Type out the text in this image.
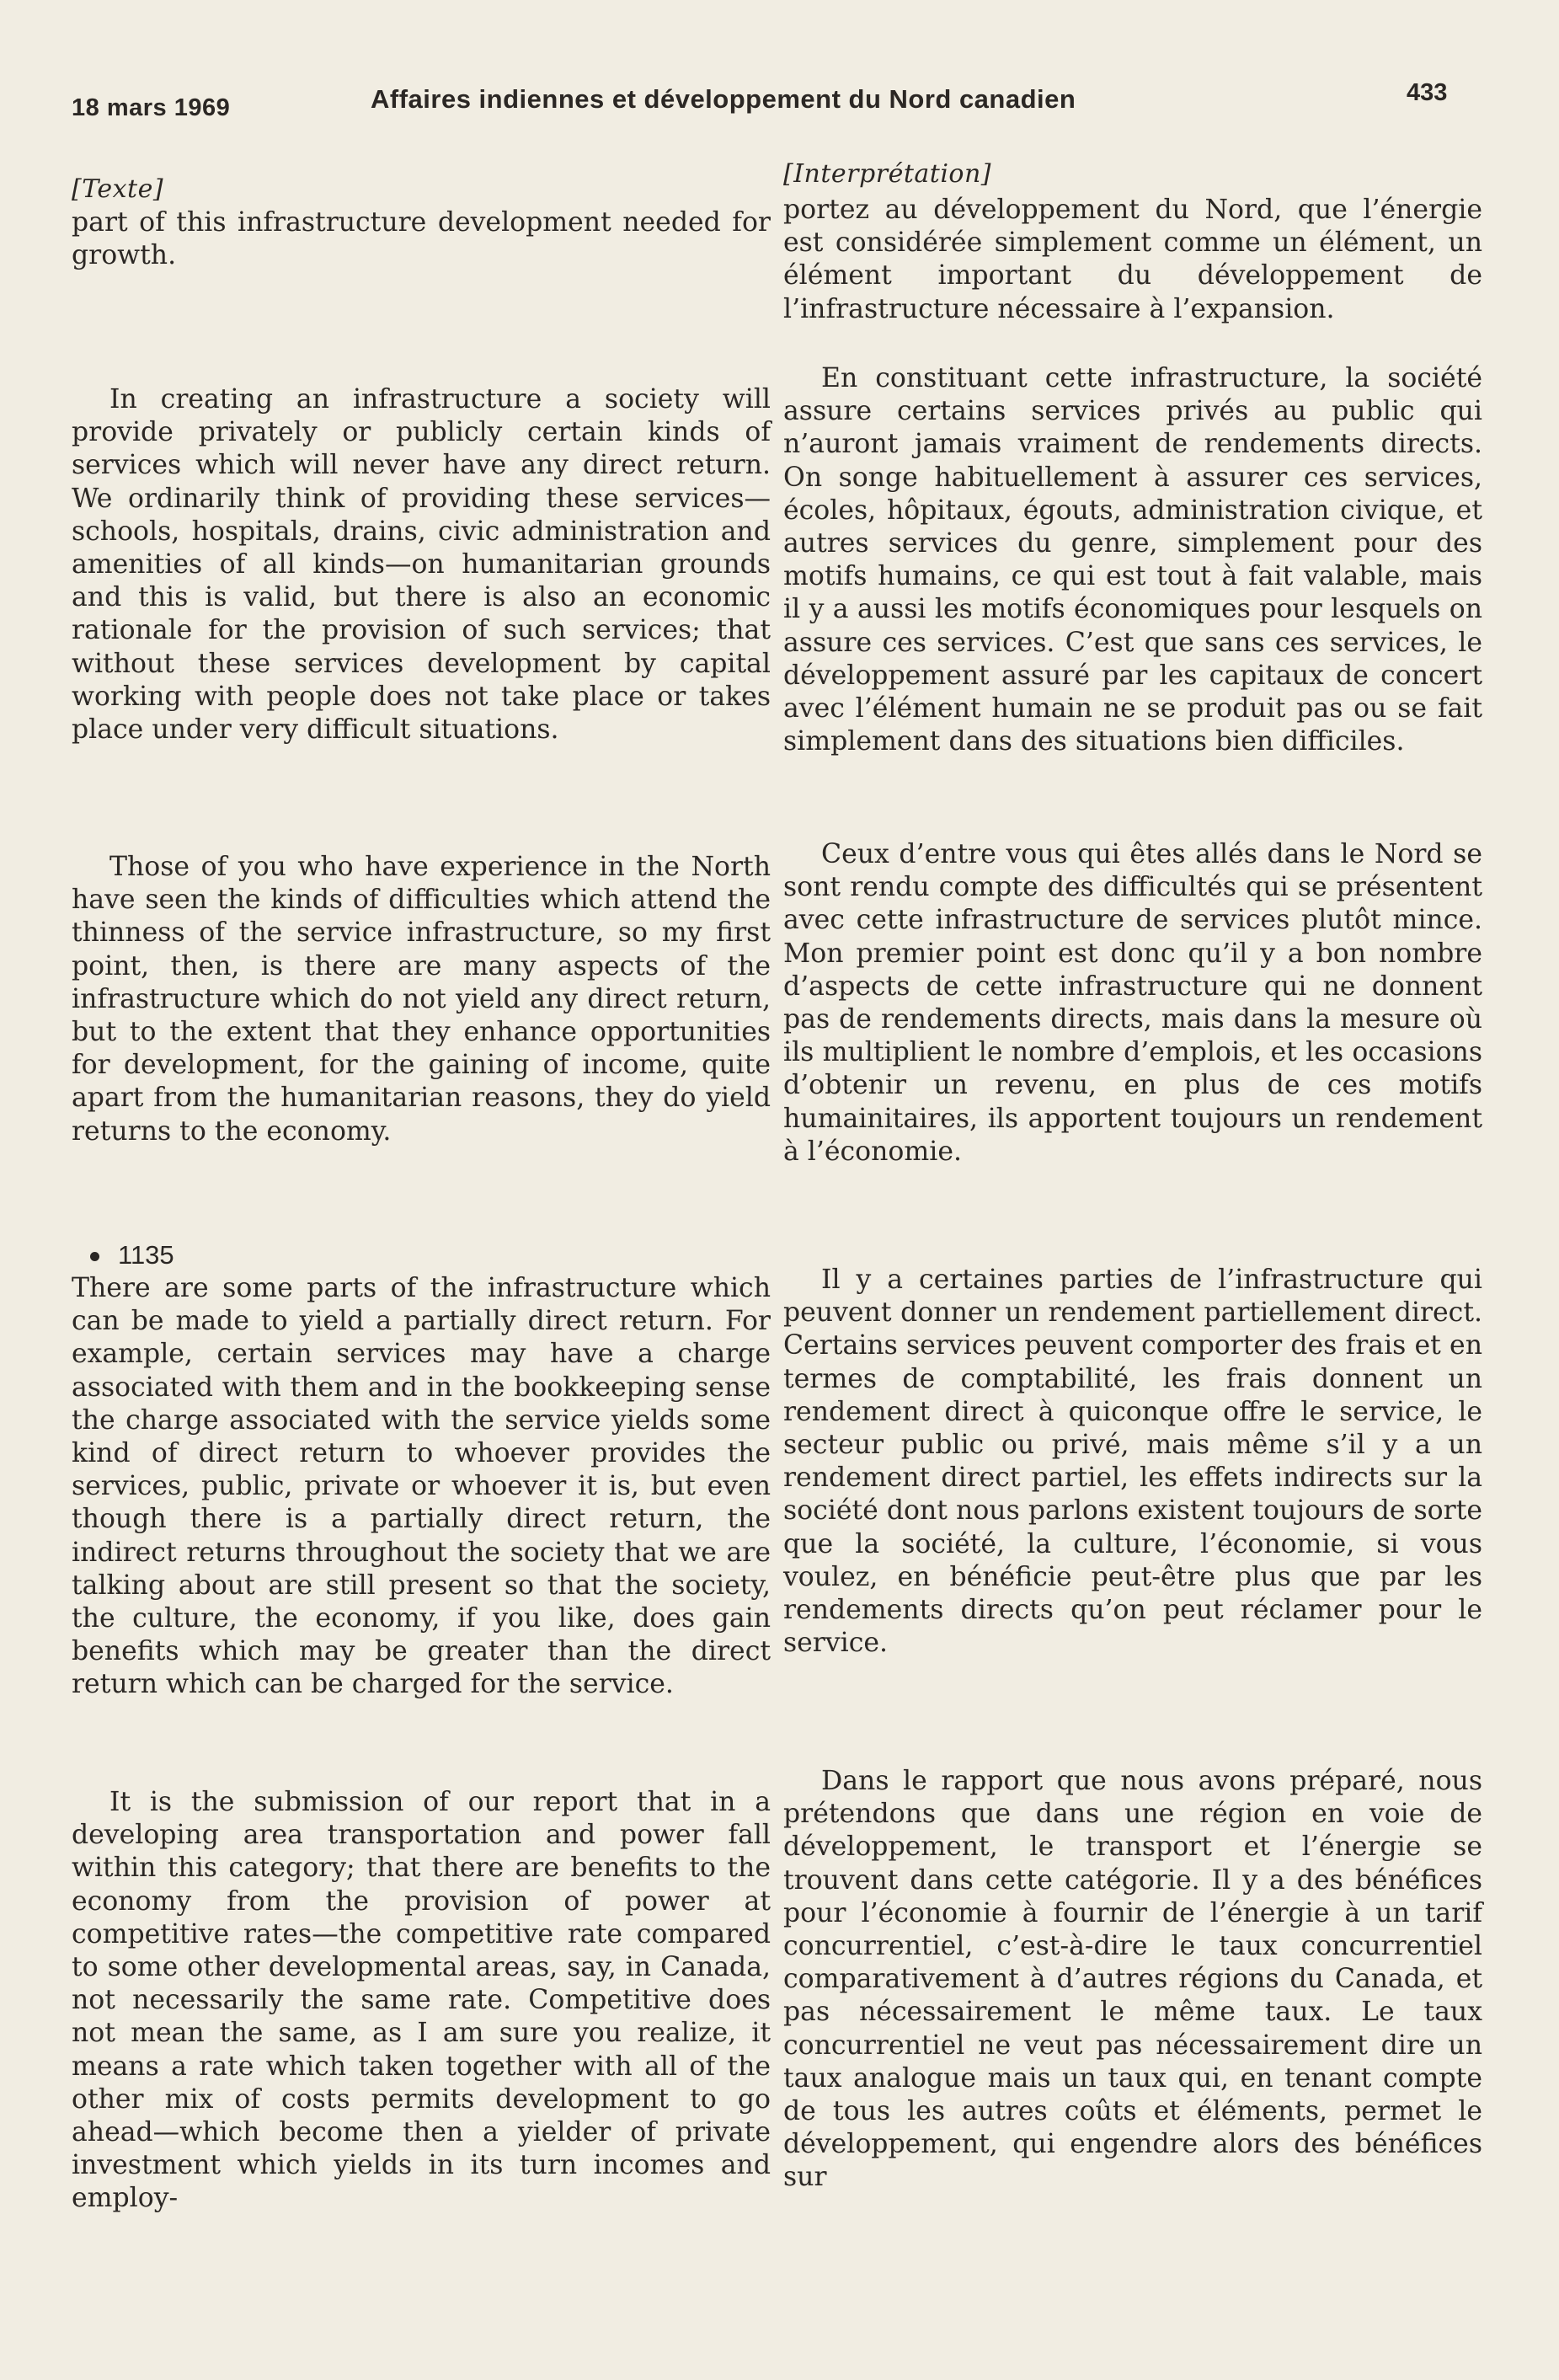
18 mars 1969	Affaires indiennes et développement du Nord canadien	433
[Texte]

part of this infrastructure development needed for growth.

In creating an infrastructure a society will provide privately or publicly certain kinds of services which will never have any direct return. We ordinarily think of providing these services—schools, hospitals, drains, civic administration and amenities of all kinds—on humanitarian grounds and this is valid, but there is also an economic rationale for the provision of such services; that without these services development by capital working with people does not take place or takes place under very difficult situations.

Those of you who have experience in the North have seen the kinds of difficulties which attend the thinness of the service infrastructure, so my first point, then, is there are many aspects of the infrastructure which do not yield any direct return, but to the extent that they enhance opportunities for development, for the gaining of income, quite apart from the humanitarian reasons, they do yield returns to the economy.

1135

There are some parts of the infrastructure which can be made to yield a partially direct return. For example, certain services may have a charge associated with them and in the bookkeeping sense the charge associated with the service yields some kind of direct return to whoever provides the services, public, private or whoever it is, but even though there is a partially direct return, the indirect returns throughout the society that we are talking about are still present so that the society, the culture, the economy, if you like, does gain benefits which may be greater than the direct return which can be charged for the service.

It is the submission of our report that in a developing area transportation and power fall within this category; that there are benefits to the economy from the provision of power at competitive rates—the competitive rate compared to some other developmental areas, say, in Canada, not necessarily the same rate. Competitive does not mean the same, as I am sure you realize, it means a rate which taken together with all of the other mix of costs permits development to go ahead—which become then a yielder of private investment which yields in its turn incomes and employ-

[Interprétation]

portez au développement du Nord, que l’énergie est considérée simplement comme un élément, un élément important du développement de l’infrastructure nécessaire à l’expansion.

En constituant cette infrastructure, la société assure certains services privés au public qui n’auront jamais vraiment de rendements directs. On songe habituellement à assurer ces services, écoles, hôpitaux, égouts, administration civique, et autres services du genre, simplement pour des motifs humains, ce qui est tout à fait valable, mais il y a aussi les motifs économiques pour lesquels on assure ces services. C’est que sans ces services, le développement assuré par les capitaux de concert avec l’élément humain ne se produit pas ou se fait simplement dans des situations bien difficiles.

Ceux d’entre vous qui êtes allés dans le Nord se sont rendu compte des difficultés qui se présentent avec cette infrastructure de services plutôt mince. Mon premier point est donc qu’il y a bon nombre d’aspects de cette infrastructure qui ne donnent pas de rendements directs, mais dans la mesure où ils multiplient le nombre d’emplois, et les occasions d’obtenir un revenu, en plus de ces motifs humainitaires, ils apportent toujours un rendement à l’économie.

Il y a certaines parties de l’infrastructure qui peuvent donner un rendement partiellement direct. Certains services peuvent comporter des frais et en termes de comptabilité, les frais donnent un rendement direct à quiconque offre le service, le secteur public ou privé, mais même s’il y a un rendement direct partiel, les effets indirects sur la société dont nous parlons existent toujours de sorte que la société, la culture, l’économie, si vous voulez, en bénéficie peut-être plus que par les rendements directs qu’on peut réclamer pour le service.

Dans le rapport que nous avons préparé, nous prétendons que dans une région en voie de développement, le transport et l’énergie se trouvent dans cette catégorie. Il y a des bénéfices pour l’économie à fournir de l’énergie à un tarif concurrentiel, c’est-à-dire le taux concurrentiel comparativement à d’autres régions du Canada, et pas nécessairement le même taux. Le taux concurrentiel ne veut pas nécessairement dire un taux analogue mais un taux qui, en tenant compte de tous les autres coûts et éléments, permet le développement, qui engendre alors des bénéfices sur
